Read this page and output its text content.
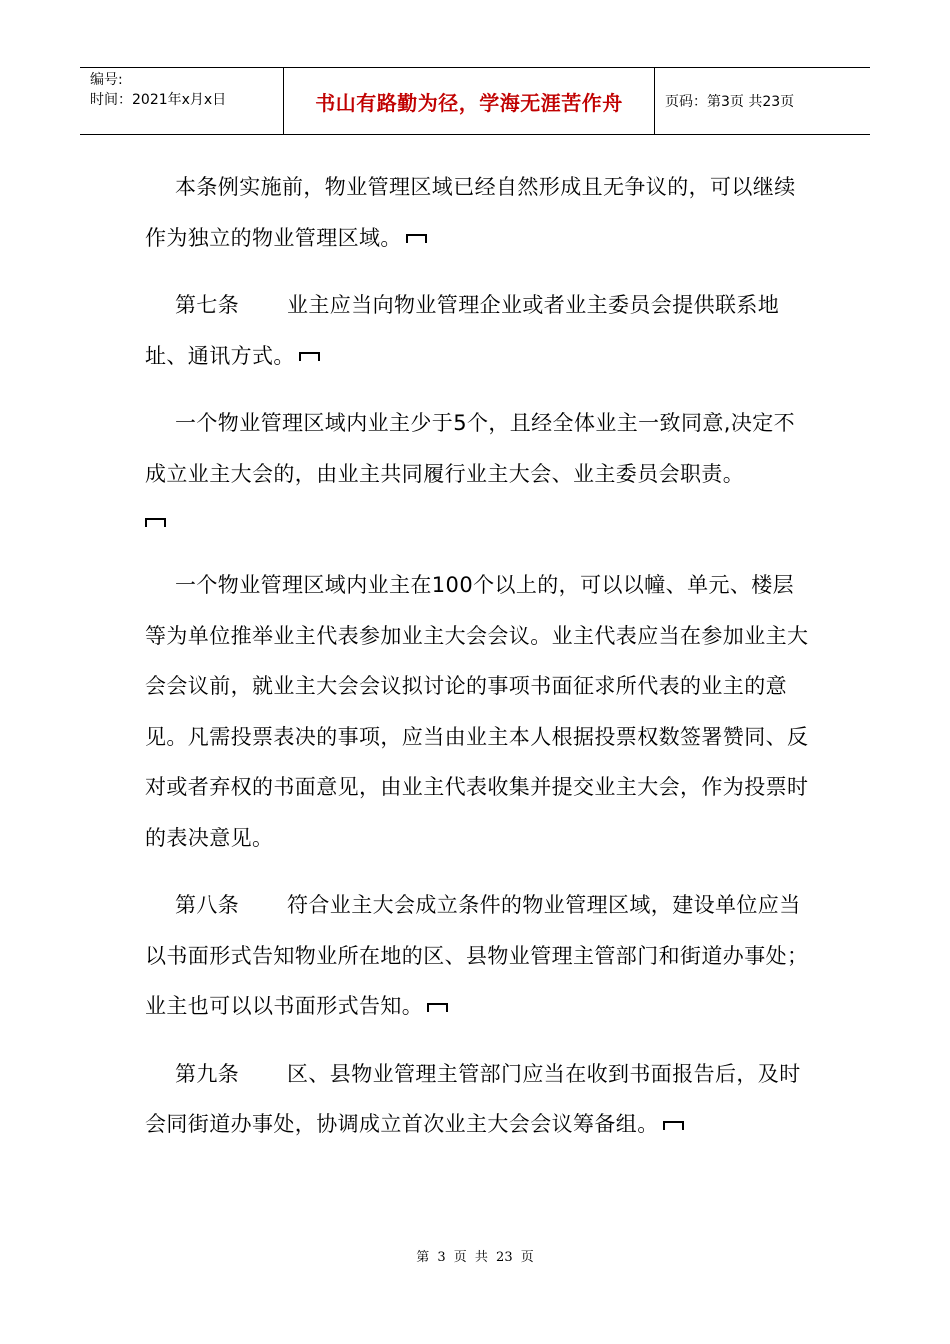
编号:
时间：2021年x月x日	书山有路勤为径，学海无涯苦作舟	页码：第3页 共23页

本条例实施前，物业管理区域已经自然形成且无争议的，可以继续作为独立的物业管理区域。

第七条 业主应当向物业管理企业或者业主委员会提供联系地址、通讯方式。

一个物业管理区域内业主少于5个，且经全体业主一致同意,决定不成立业主大会的，由业主共同履行业主大会、业主委员会职责。

一个物业管理区域内业主在100个以上的，可以以幢、单元、楼层等为单位推举业主代表参加业主大会会议。业主代表应当在参加业主大会会议前，就业主大会会议拟讨论的事项书面征求所代表的业主的意见。凡需投票表决的事项，应当由业主本人根据投票权数签署赞同、反对或者弃权的书面意见，由业主代表收集并提交业主大会，作为投票时的表决意见。

第八条 符合业主大会成立条件的物业管理区域，建设单位应当以书面形式告知物业所在地的区、县物业管理主管部门和街道办事处；业主也可以以书面形式告知。

第九条 区、县物业管理主管部门应当在收到书面报告后，及时会同街道办事处，协调成立首次业主大会会议筹备组。

第 3 页 共 23 页
